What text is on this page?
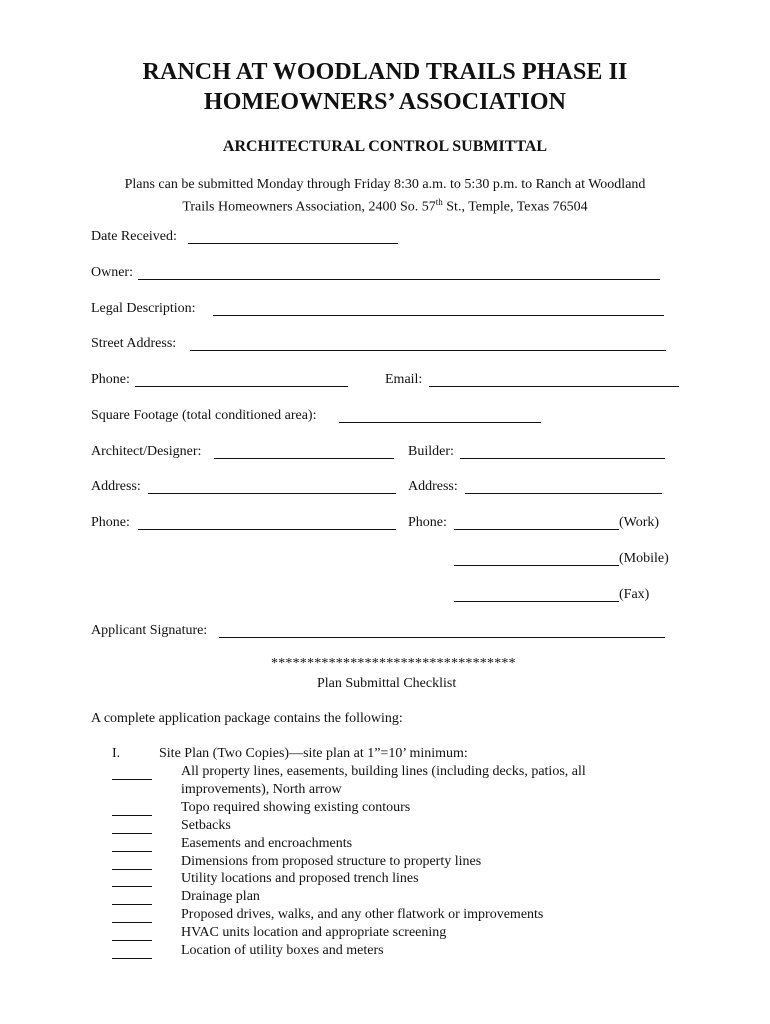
RANCH AT WOODLAND TRAILS PHASE II
HOMEOWNERS’ ASSOCIATION
ARCHITECTURAL CONTROL SUBMITTAL
Plans can be submitted Monday through Friday 8:30 a.m. to 5:30 p.m. to Ranch at Woodland
Trails Homeowners Association, 2400 So. 57th St., Temple, Texas 76504
Date Received:
Owner:
Legal Description:
Street Address:
Phone:	Email:
Square Footage (total conditioned area):
Architect/Designer:	Builder:
Address:	Address:
Phone:	Phone:	(Work)
(Mobile)
(Fax)
Applicant Signature:
**********************************
Plan Submittal Checklist
A complete application package contains the following:
I.	Site Plan (Two Copies)—site plan at 1”=10’ minimum:
All property lines, easements, building lines (including decks, patios, all
improvements), North arrow
Topo required showing existing contours
Setbacks
Easements and encroachments
Dimensions from proposed structure to property lines
Utility locations and proposed trench lines
Drainage plan
Proposed drives, walks, and any other flatwork or improvements
HVAC units location and appropriate screening
Location of utility boxes and meters
